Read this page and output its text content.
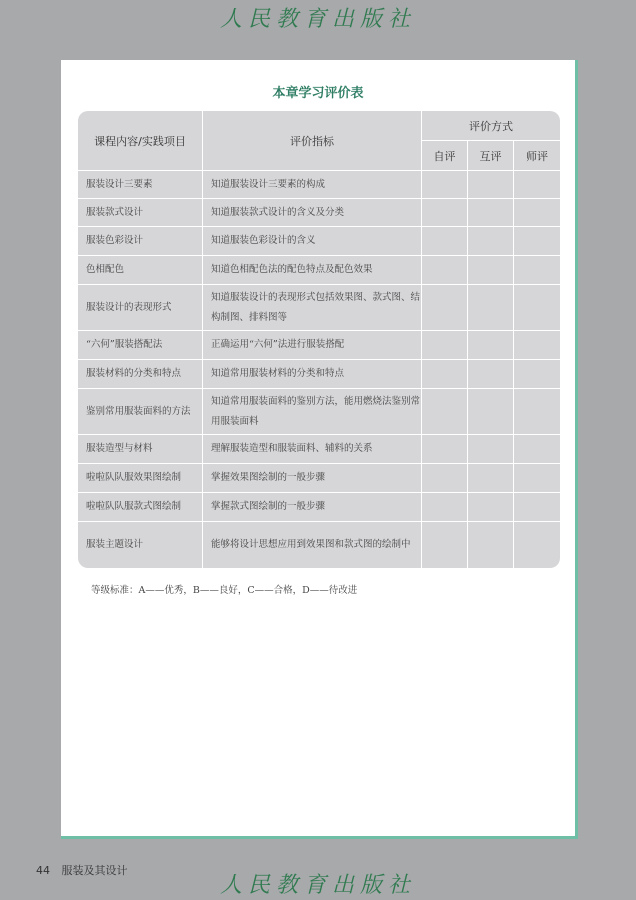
人民教育出版社
本章学习评价表
课程内容/实践项目	评价指标	评价方式		
		自评	互评	师评
服装设计三要素	知道服装设计三要素的构成			
服装款式设计	知道服装款式设计的含义及分类			
服装色彩设计	知道服装色彩设计的含义			
色相配色	知道色相配色法的配色特点及配色效果			
服装设计的表现形式	知道服装设计的表现形式包括效果图、款式图、结构制图、排料图等			
“六何”服装搭配法	正确运用“六何”法进行服装搭配			
服装材料的分类和特点	知道常用服装材料的分类和特点			
鉴别常用服装面料的方法	知道常用服装面料的鉴别方法，能用燃烧法鉴别常用服装面料			
服装造型与材料	理解服装造型和服装面料、辅料的关系			
啦啦队队服效果图绘制	掌握效果图绘制的一般步骤			
啦啦队队服款式图绘制	掌握款式图绘制的一般步骤			
服装主题设计	能够将设计思想应用到效果图和款式图的绘制中			
等级标准：A——优秀，B——良好，C——合格，D——待改进
44 服装及其设计
人民教育出版社
